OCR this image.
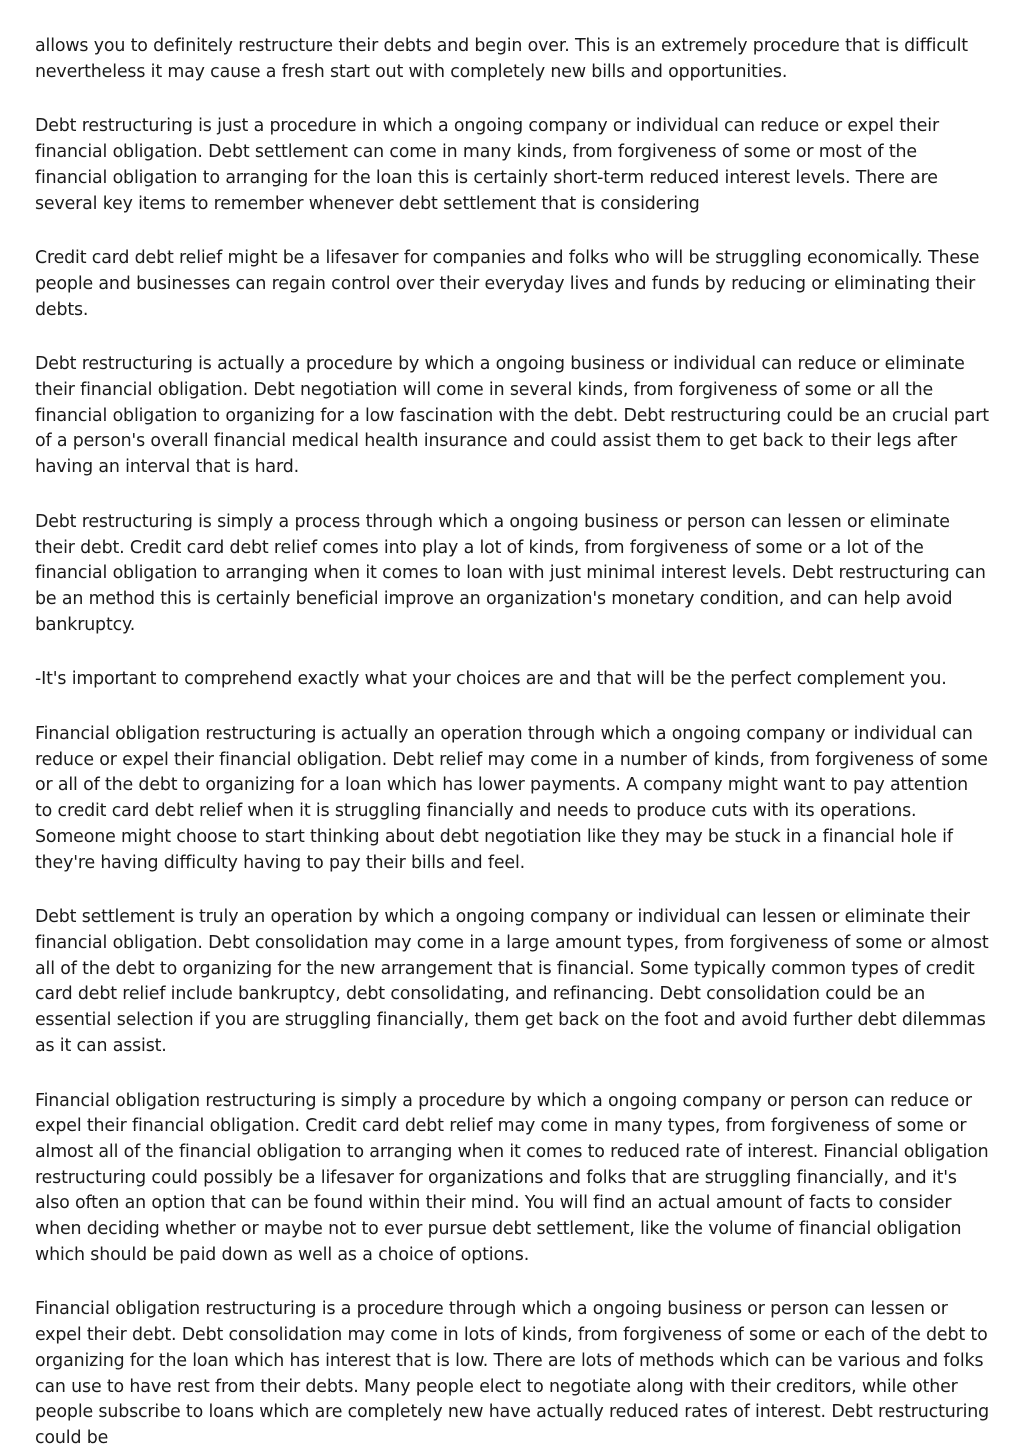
allows you to definitely restructure their debts and begin over. This is an extremely procedure that is difficult nevertheless it may cause a fresh start out with completely new bills and opportunities.

Debt restructuring is just a procedure in which a ongoing company or individual can reduce or expel their financial obligation. Debt settlement can come in many kinds, from forgiveness of some or most of the financial obligation to arranging for the loan this is certainly short-term reduced interest levels. There are several key items to remember whenever debt settlement that is considering

Credit card debt relief might be a lifesaver for companies and folks who will be struggling economically. These people and businesses can regain control over their everyday lives and funds by reducing or eliminating their debts.

Debt restructuring is actually a procedure by which a ongoing business or individual can reduce or eliminate their financial obligation. Debt negotiation will come in several kinds, from forgiveness of some or all the financial obligation to organizing for a low fascination with the debt. Debt restructuring could be an crucial part of a person's overall financial medical health insurance and could assist them to get back to their legs after having an interval that is hard.

Debt restructuring is simply a process through which a ongoing business or person can lessen or eliminate their debt. Credit card debt relief comes into play a lot of kinds, from forgiveness of some or a lot of the financial obligation to arranging when it comes to loan with just minimal interest levels. Debt restructuring can be an method this is certainly beneficial improve an organization's monetary condition, and can help avoid bankruptcy.

-It's important to comprehend exactly what your choices are and that will be the perfect complement you.

Financial obligation restructuring is actually an operation through which a ongoing company or individual can reduce or expel their financial obligation. Debt relief may come in a number of kinds, from forgiveness of some or all of the debt to organizing for a loan which has lower payments. A company might want to pay attention to credit card debt relief when it is struggling financially and needs to produce cuts with its operations. Someone might choose to start thinking about debt negotiation like they may be stuck in a financial hole if they're having difficulty having to pay their bills and feel.

Debt settlement is truly an operation by which a ongoing company or individual can lessen or eliminate their financial obligation. Debt consolidation may come in a large amount types, from forgiveness of some or almost all of the debt to organizing for the new arrangement that is financial. Some typically common types of credit card debt relief include bankruptcy, debt consolidating, and refinancing. Debt consolidation could be an essential selection if you are struggling financially, them get back on the foot and avoid further debt dilemmas as it can assist.

Financial obligation restructuring is simply a procedure by which a ongoing company or person can reduce or expel their financial obligation. Credit card debt relief may come in many types, from forgiveness of some or almost all of the financial obligation to arranging when it comes to reduced rate of interest. Financial obligation restructuring could possibly be a lifesaver for organizations and folks that are struggling financially, and it's also often an option that can be found within their mind. You will find an actual amount of facts to consider when deciding whether or maybe not to ever pursue debt settlement, like the volume of financial obligation which should be paid down as well as a choice of options.

Financial obligation restructuring is a procedure through which a ongoing business or person can lessen or expel their debt. Debt consolidation may come in lots of kinds, from forgiveness of some or each of the debt to organizing for the loan which has interest that is low. There are lots of methods which can be various and folks can use to have rest from their debts. Many people elect to negotiate along with their creditors, while other people subscribe to loans which are completely new have actually reduced rates of interest. Debt restructuring could be
